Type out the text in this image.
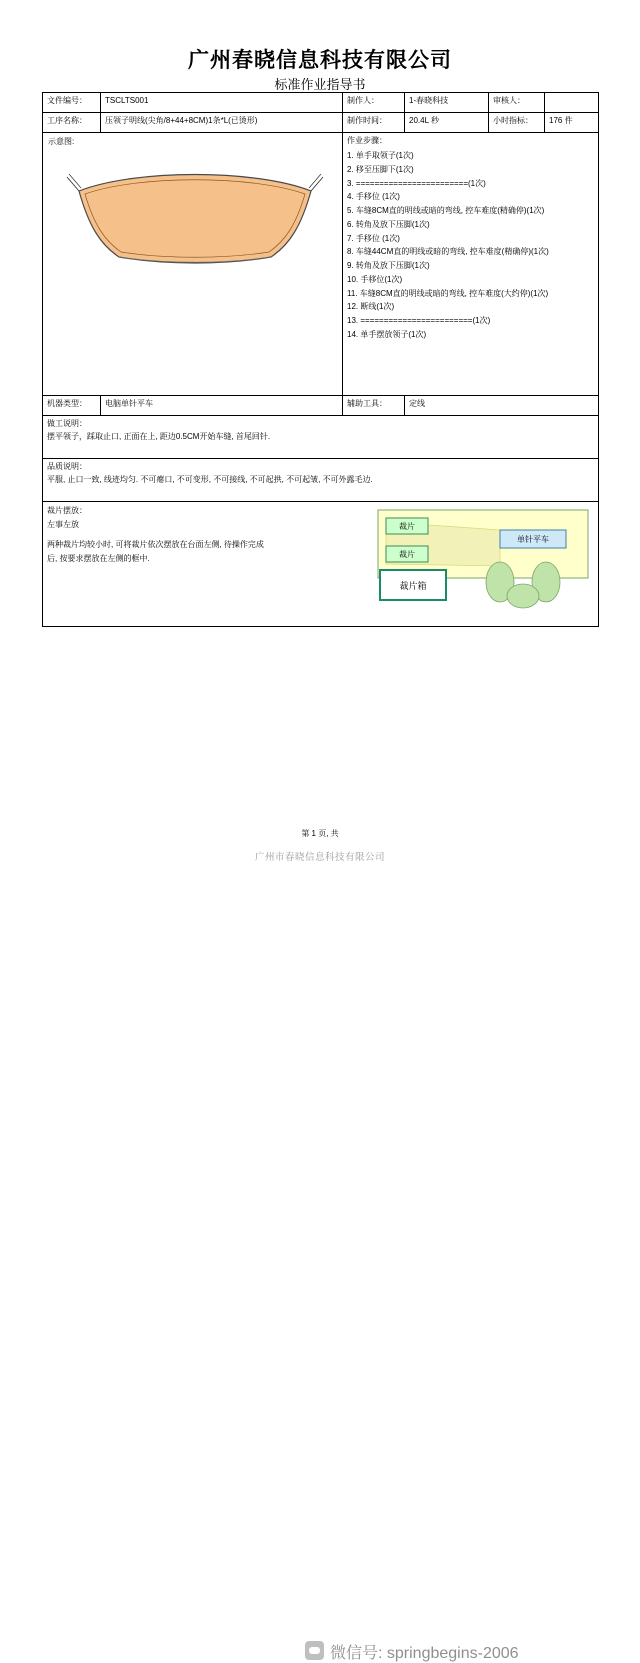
广州春晓信息科技有限公司
标准作业指导书
文件编号：	TSCLTS001	制作人：	1-春晓科技	审核人：	
工序名称：	压领子明线(尖角/8+44+8CM)1条*L(已烫形)	制作时间：	20.4L 秒	小时指标：	176 件

示意图:	作业步骤：
1. 单手取领子(1次)
2. 移至压脚下(1次)
3. ========================(1次)
4. 手移位 (1次)
5. 车缝8CM直的明线或暗的弯线, 控车难度(精确停)(1次)
6. 转角及放下压脚(1次)
7. 手移位 (1次)
8. 车缝44CM直的明线或暗的弯线, 控车难度(精确停)(1次)
9. 转角及放下压脚(1次)
10. 手移位(1次)
11. 车缝8CM直的明线或暗的弯线, 控车难度(大约停)(1次)
12. 断线(1次)
13. ========================(1次)
14. 单手摆放领子(1次)

机器类型：	电脑单针平车	辅助工具：	定线		

做工说明：
摆平领子，踩取止口, 正面在上, 距边0.5CM开始车缝, 首尾回针.					

品质说明：
平服, 止口一致, 线迹均匀. 不可瘪口, 不可变形, 不可接线, 不可起拱, 不可起皱, 不可外露毛边.					

裁片摆放：
左事左放
两种裁片均较小时, 可将裁片依次摆放在台面左侧, 待操作完成
后, 按要求摆放在左侧的框中.
裁片
裁片
单针平车
裁片箱
第 1 页, 共
微信号: springbegins-2006
广州市春晓信息科技有限公司
